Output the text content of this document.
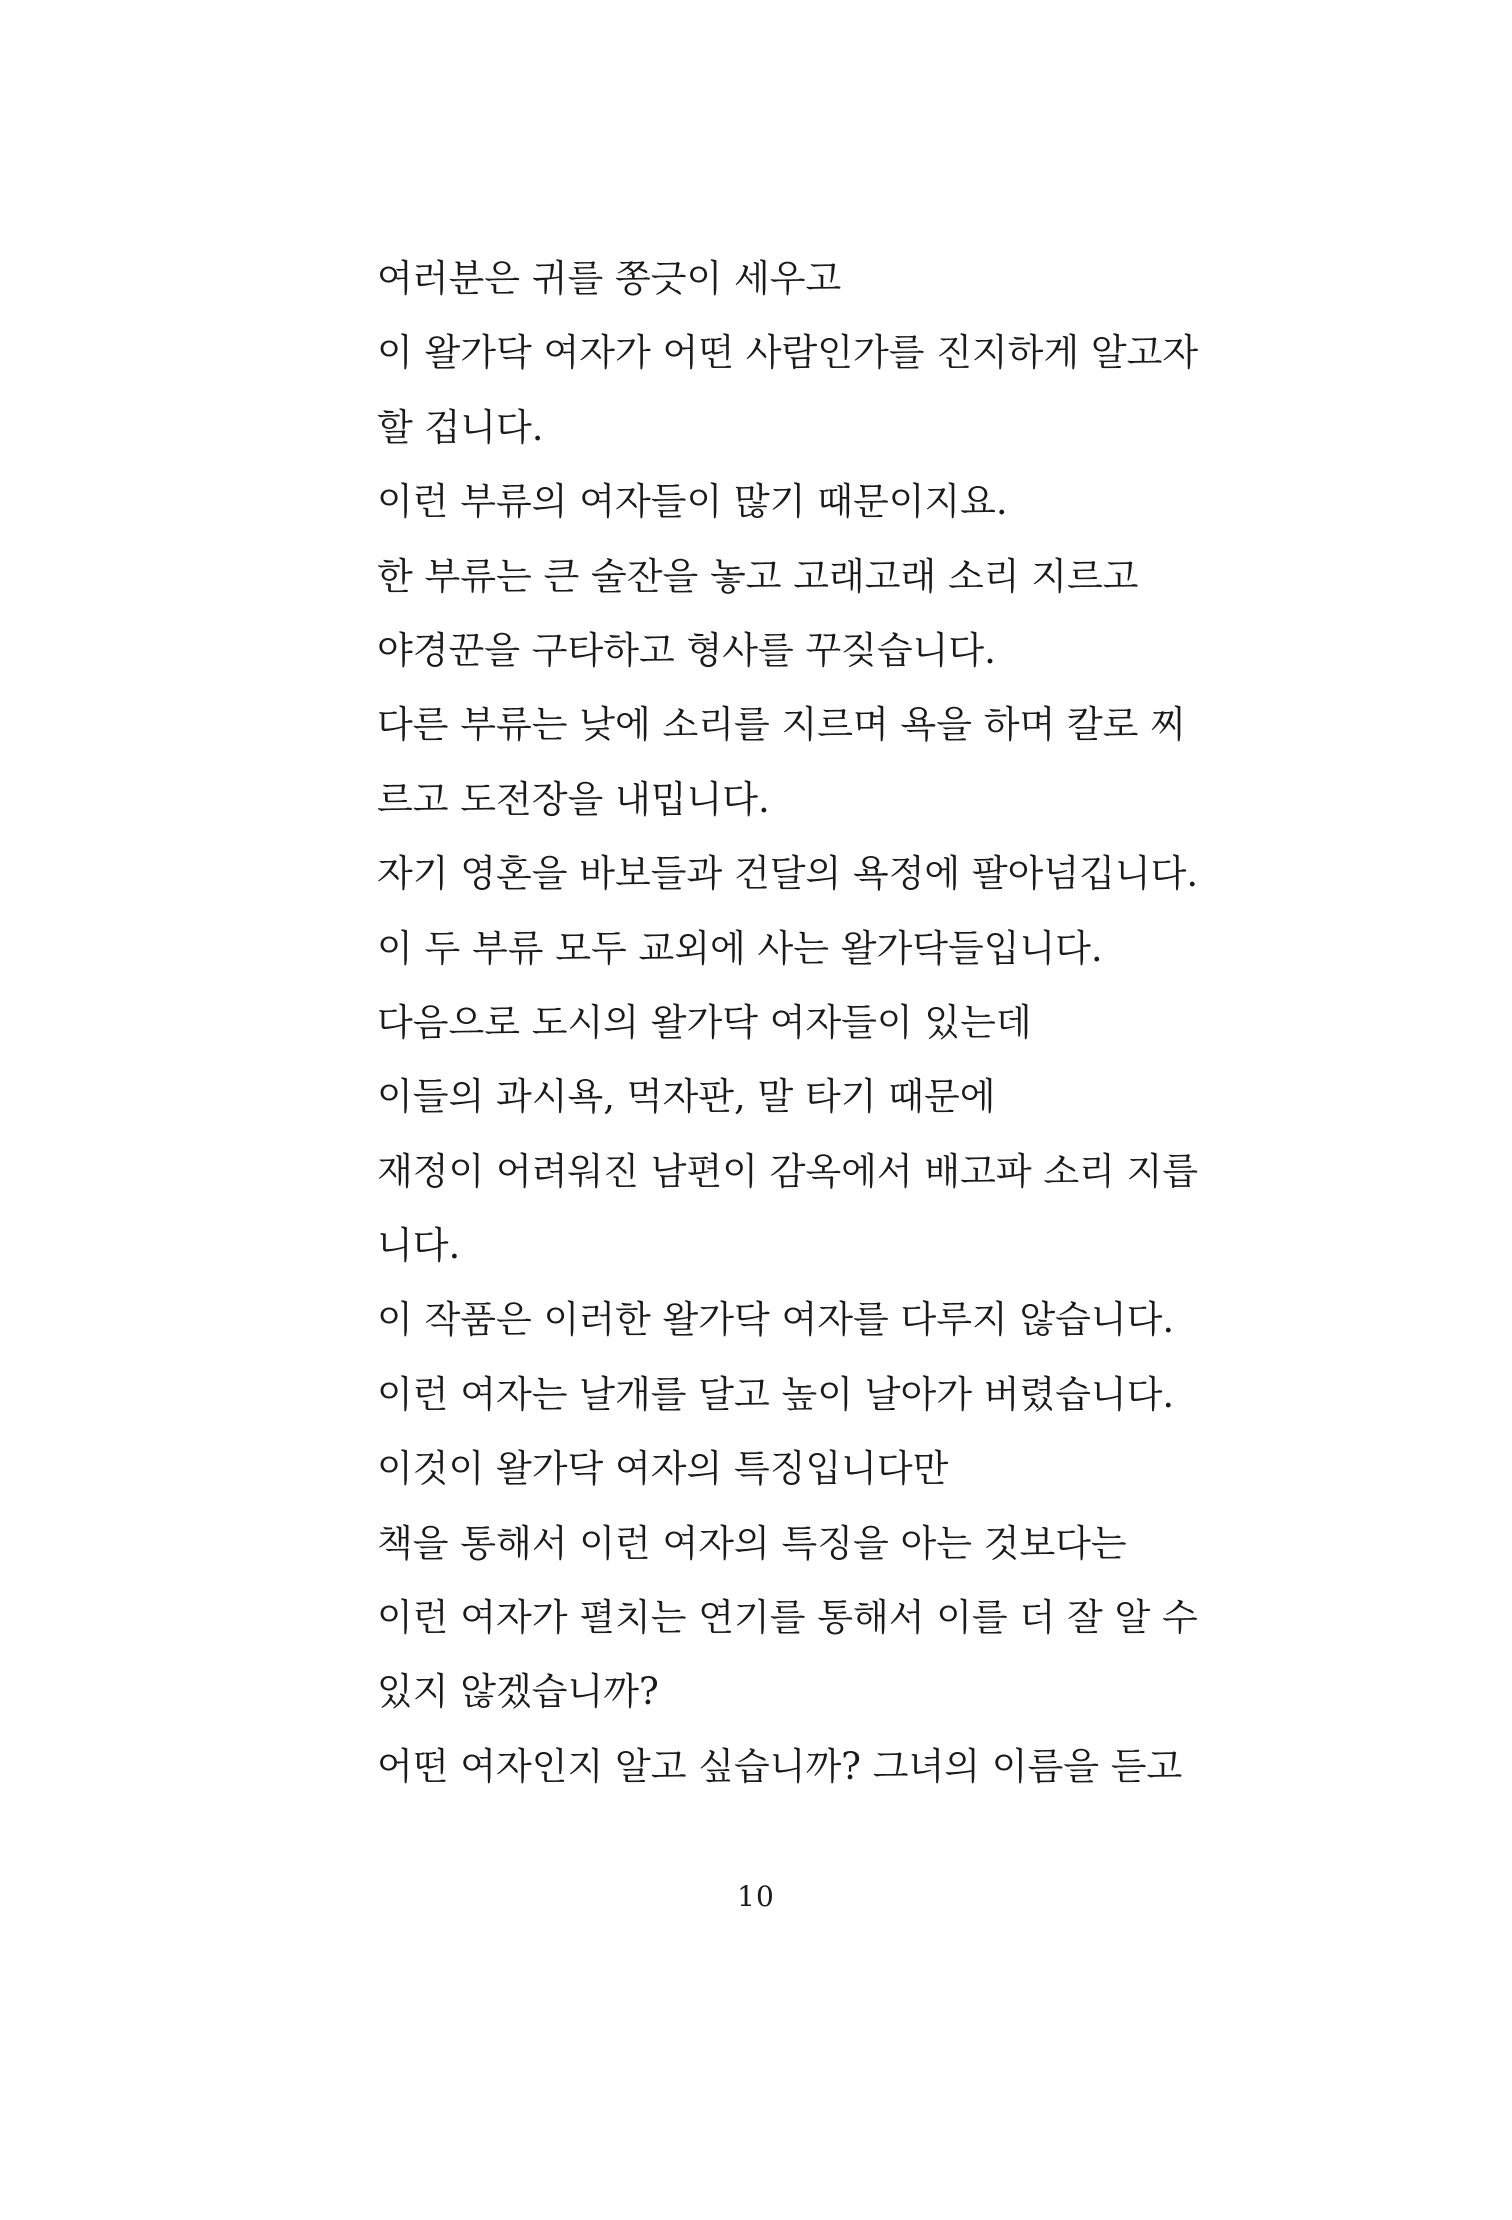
여러분은 귀를 쫑긋이 세우고
이 왈가닥 여자가 어떤 사람인가를 진지하게 알고자
할 겁니다.
이런 부류의 여자들이 많기 때문이지요.
한 부류는 큰 술잔을 놓고 고래고래 소리 지르고
야경꾼을 구타하고 형사를 꾸짖습니다.
다른 부류는 낮에 소리를 지르며 욕을 하며 칼로 찌
르고 도전장을 내밉니다.
자기 영혼을 바보들과 건달의 욕정에 팔아넘깁니다.
이 두 부류 모두 교외에 사는 왈가닥들입니다.
다음으로 도시의 왈가닥 여자들이 있는데
이들의 과시욕, 먹자판, 말 타기 때문에
재정이 어려워진 남편이 감옥에서 배고파 소리 지릅
니다.
이 작품은 이러한 왈가닥 여자를 다루지 않습니다.
이런 여자는 날개를 달고 높이 날아가 버렸습니다.
이것이 왈가닥 여자의 특징입니다만
책을 통해서 이런 여자의 특징을 아는 것보다는
이런 여자가 펼치는 연기를 통해서 이를 더 잘 알 수
있지 않겠습니까?
어떤 여자인지 알고 싶습니까? 그녀의 이름을 듣고
10
